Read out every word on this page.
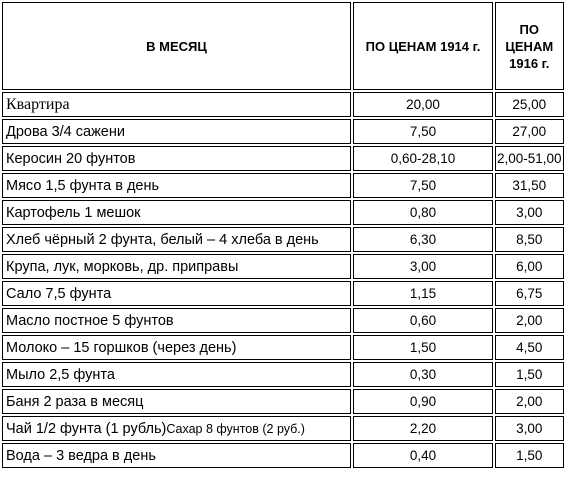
В МЕСЯЦ	ПО ЦЕНАМ 1914 г.	ПО
ЦЕНАМ
1916 г.

Квартира	20,00	25,00
Дрова 3/4 сажени	7,50	27,00
Керосин 20 фунтов	0,60-28,10	2,00-51,00
Мясо 1,5 фунта в день	7,50	31,50
Картофель 1 мешок	0,80	3,00
Хлеб чёрный 2 фунта, белый – 4 хлеба в день	6,30	8,50
Крупа, лук, морковь, др. приправы	3,00	6,00
Сало 7,5 фунта	1,15	6,75
Масло постное 5 фунтов	0,60	2,00
Молоко – 15 горшков (через день)	1,50	4,50
Мыло 2,5 фунта	0,30	1,50
Баня 2 раза в месяц	0,90	2,00
Чай 1/2 фунта (1 рубль)Сахар 8 фунтов (2 руб.)	2,20	3,00
Вода – 3 ведра в день	0,40	1,50
